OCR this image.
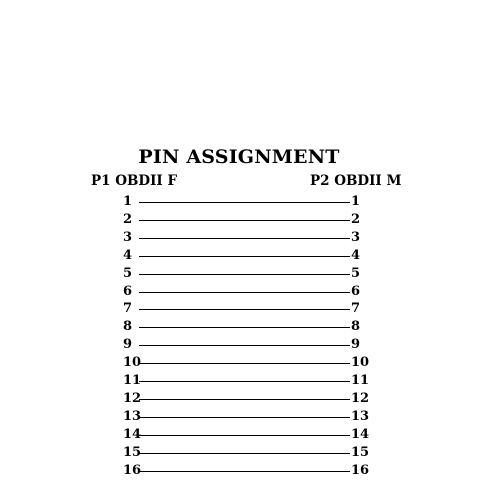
PIN ASSIGNMENT
P1 OBDII F	P2 OBDII M
1	1
2	2
3	3
4	4
5	5
6	6
7	7
8	8
9	9
10	10
11	11
12	12
13	13
14	14
15	15
16	16
